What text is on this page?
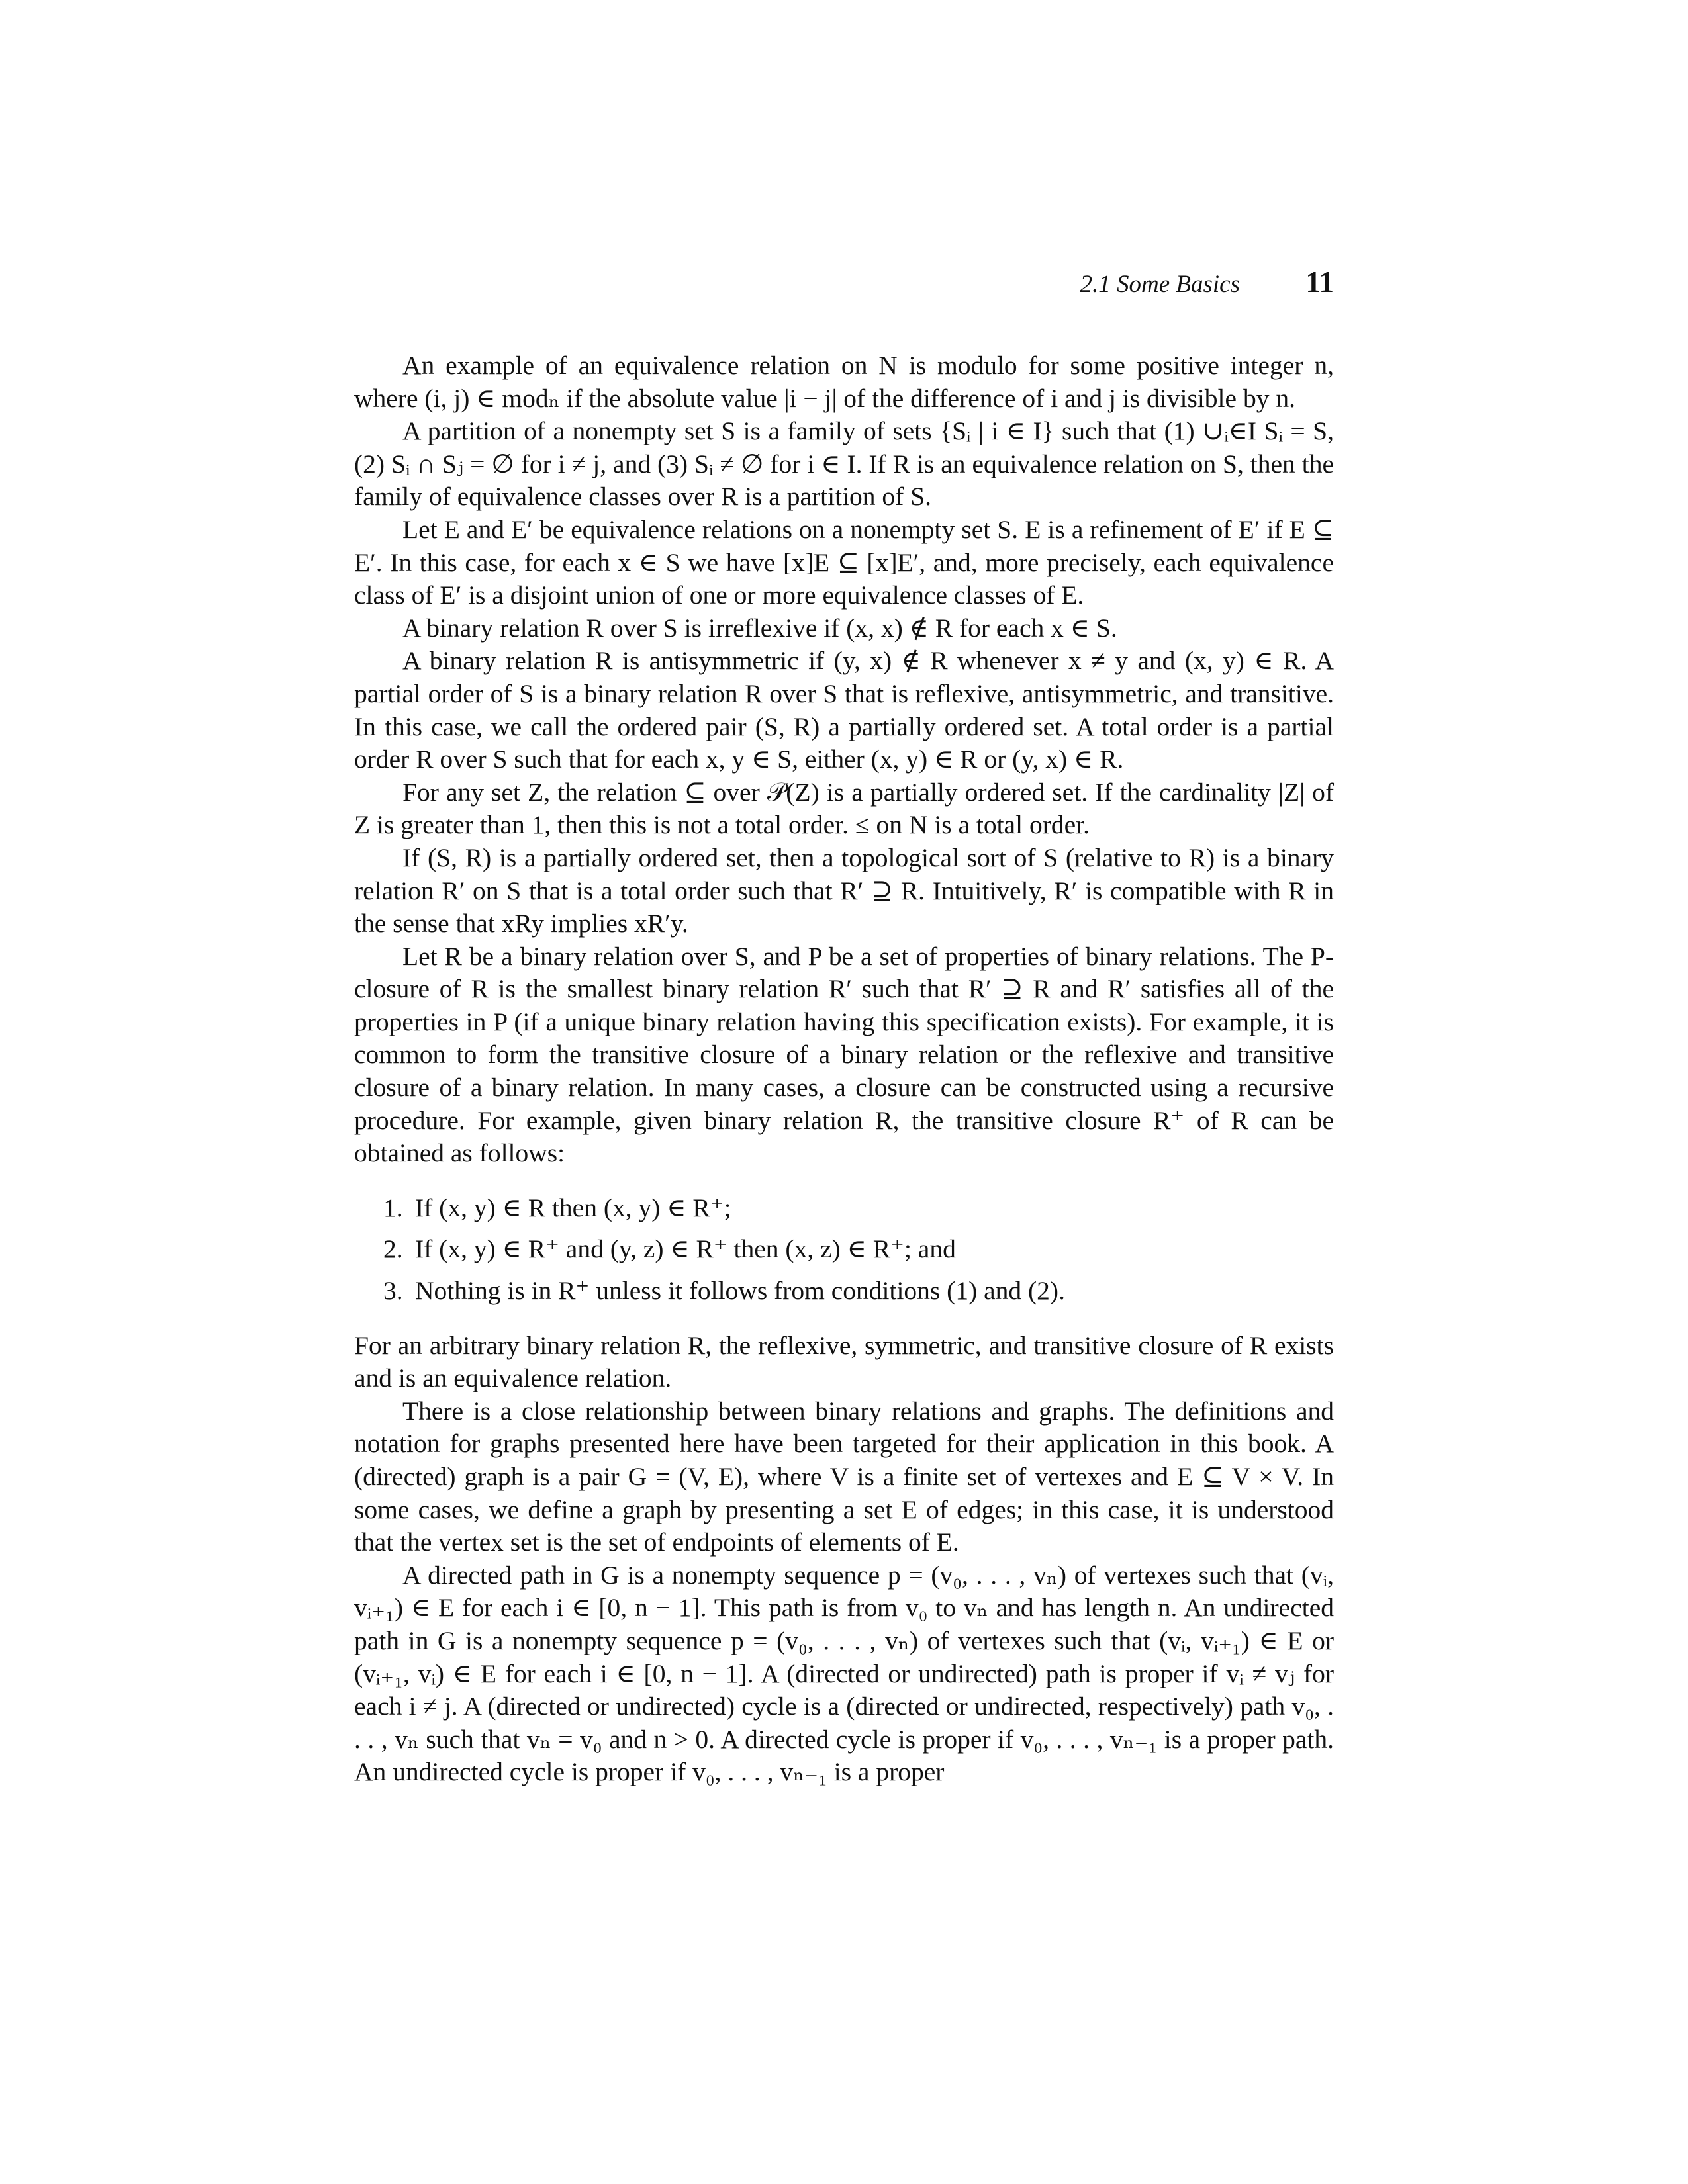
2.1 Some Basics 11

An example of an equivalence relation on N is modulo for some positive integer n, where (i, j) ∈ modₙ if the absolute value |i − j| of the difference of i and j is divisible by n.

A partition of a nonempty set S is a family of sets {Sᵢ | i ∈ I} such that (1) ∪ᵢ∈I Sᵢ = S, (2) Sᵢ ∩ Sⱼ = ∅ for i ≠ j, and (3) Sᵢ ≠ ∅ for i ∈ I. If R is an equivalence relation on S, then the family of equivalence classes over R is a partition of S.

Let E and E′ be equivalence relations on a nonempty set S. E is a refinement of E′ if E ⊆ E′. In this case, for each x ∈ S we have [x]E ⊆ [x]E′, and, more precisely, each equivalence class of E′ is a disjoint union of one or more equivalence classes of E.

A binary relation R over S is irreflexive if (x, x) ∉ R for each x ∈ S.

A binary relation R is antisymmetric if (y, x) ∉ R whenever x ≠ y and (x, y) ∈ R. A partial order of S is a binary relation R over S that is reflexive, antisymmetric, and transitive. In this case, we call the ordered pair (S, R) a partially ordered set. A total order is a partial order R over S such that for each x, y ∈ S, either (x, y) ∈ R or (y, x) ∈ R.

For any set Z, the relation ⊆ over 𝒫(Z) is a partially ordered set. If the cardinality |Z| of Z is greater than 1, then this is not a total order. ≤ on N is a total order.

If (S, R) is a partially ordered set, then a topological sort of S (relative to R) is a binary relation R′ on S that is a total order such that R′ ⊇ R. Intuitively, R′ is compatible with R in the sense that xRy implies xR′y.

Let R be a binary relation over S, and P be a set of properties of binary relations. The P-closure of R is the smallest binary relation R′ such that R′ ⊇ R and R′ satisfies all of the properties in P (if a unique binary relation having this specification exists). For example, it is common to form the transitive closure of a binary relation or the reflexive and transitive closure of a binary relation. In many cases, a closure can be constructed using a recursive procedure. For example, given binary relation R, the transitive closure R⁺ of R can be obtained as follows:

1. If (x, y) ∈ R then (x, y) ∈ R⁺;
2. If (x, y) ∈ R⁺ and (y, z) ∈ R⁺ then (x, z) ∈ R⁺; and
3. Nothing is in R⁺ unless it follows from conditions (1) and (2).

For an arbitrary binary relation R, the reflexive, symmetric, and transitive closure of R exists and is an equivalence relation.

There is a close relationship between binary relations and graphs. The definitions and notation for graphs presented here have been targeted for their application in this book. A (directed) graph is a pair G = (V, E), where V is a finite set of vertexes and E ⊆ V × V. In some cases, we define a graph by presenting a set E of edges; in this case, it is understood that the vertex set is the set of endpoints of elements of E.

A directed path in G is a nonempty sequence p = (v₀, . . . , vₙ) of vertexes such that (vᵢ, vᵢ₊₁) ∈ E for each i ∈ [0, n − 1]. This path is from v₀ to vₙ and has length n. An undirected path in G is a nonempty sequence p = (v₀, . . . , vₙ) of vertexes such that (vᵢ, vᵢ₊₁) ∈ E or (vᵢ₊₁, vᵢ) ∈ E for each i ∈ [0, n − 1]. A (directed or undirected) path is proper if vᵢ ≠ vⱼ for each i ≠ j. A (directed or undirected) cycle is a (directed or undirected, respectively) path v₀, . . . , vₙ such that vₙ = v₀ and n > 0. A directed cycle is proper if v₀, . . . , vₙ₋₁ is a proper path. An undirected cycle is proper if v₀, . . . , vₙ₋₁ is a proper
